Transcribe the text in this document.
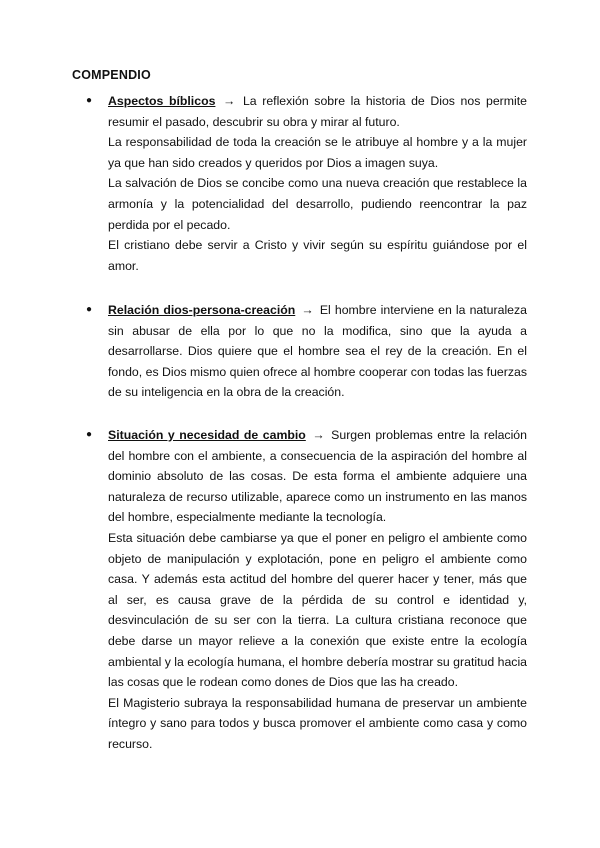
COMPENDIO
● Aspectos bíblicos → La reflexión sobre la historia de Dios nos permite resumir el pasado, descubrir su obra y mirar al futuro.

La responsabilidad de toda la creación se le atribuye al hombre y a la mujer ya que han sido creados y queridos por Dios a imagen suya.

La salvación de Dios se concibe como una nueva creación que restablece la armonía y la potencialidad del desarrollo, pudiendo reencontrar la paz perdida por el pecado.

El cristiano debe servir a Cristo y vivir según su espíritu guiándose por el amor.

● Relación dios-persona-creación → El hombre interviene en la naturaleza sin abusar de ella por lo que no la modifica, sino que la ayuda a desarrollarse. Dios quiere que el hombre sea el rey de la creación. En el fondo, es Dios mismo quien ofrece al hombre cooperar con todas las fuerzas de su inteligencia en la obra de la creación.

● Situación y necesidad de cambio → Surgen problemas entre la relación del hombre con el ambiente, a consecuencia de la aspiración del hombre al dominio absoluto de las cosas. De esta forma el ambiente adquiere una naturaleza de recurso utilizable, aparece como un instrumento en las manos del hombre, especialmente mediante la tecnología.

Esta situación debe cambiarse ya que el poner en peligro el ambiente como objeto de manipulación y explotación, pone en peligro el ambiente como casa. Y además esta actitud del hombre del querer hacer y tener, más que al ser, es causa grave de la pérdida de su control e identidad y, desvinculación de su ser con la tierra. La cultura cristiana reconoce que debe darse un mayor relieve a la conexión que existe entre la ecología ambiental y la ecología humana, el hombre debería mostrar su gratitud hacia las cosas que le rodean como dones de Dios que las ha creado.

El Magisterio subraya la responsabilidad humana de preservar un ambiente íntegro y sano para todos y busca promover el ambiente como casa y como recurso.
